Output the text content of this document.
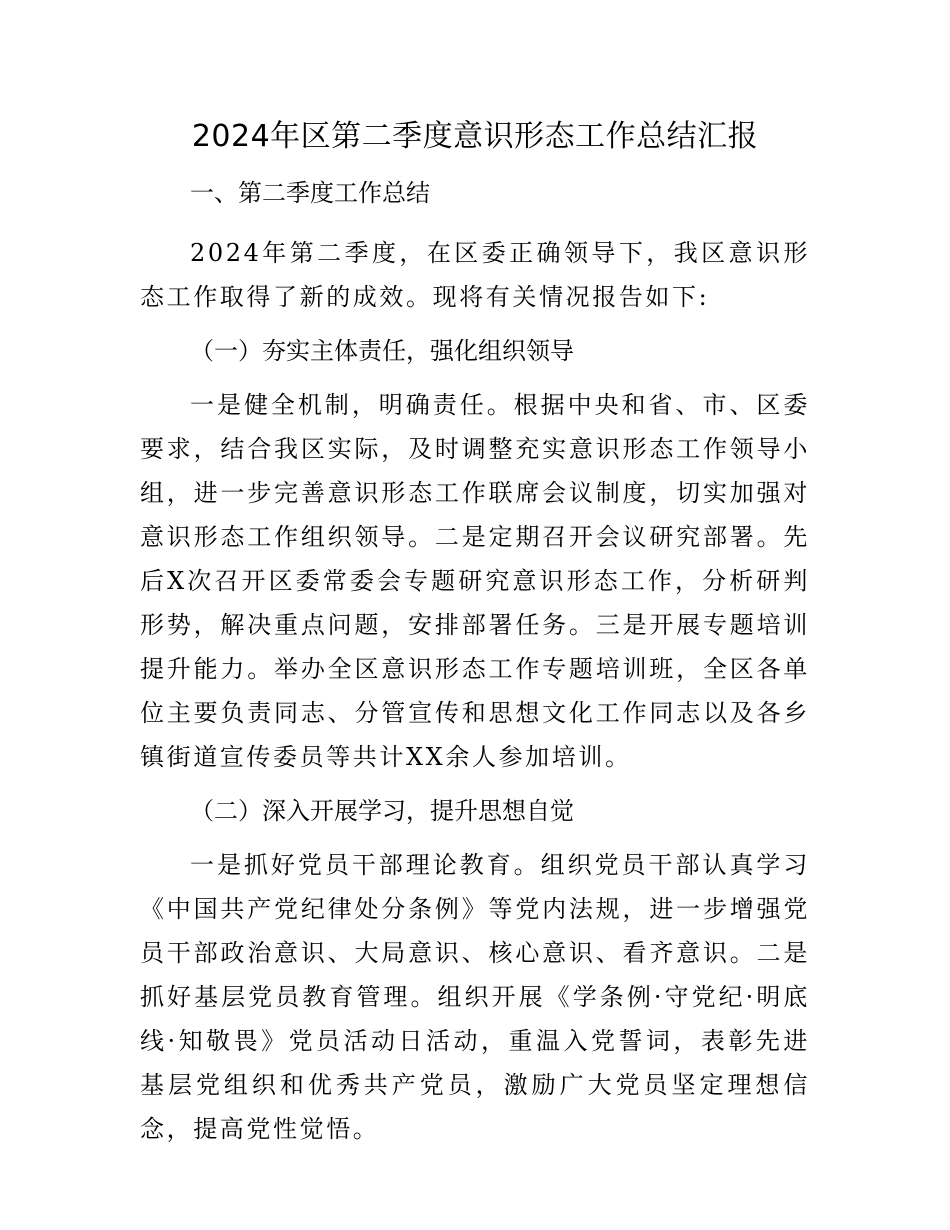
2024年区第二季度意识形态工作总结汇报

一、第二季度工作总结

2024年第二季度，在区委正确领导下，我区意识形态工作取得了新的成效。现将有关情况报告如下:

（一）夯实主体责任，强化组织领导

一是健全机制，明确责任。根据中央和省、市、区委要求，结合我区实际，及时调整充实意识形态工作领导小组，进一步完善意识形态工作联席会议制度，切实加强对意识形态工作组织领导。二是定期召开会议研究部署。先后X次召开区委常委会专题研究意识形态工作，分析研判形势，解决重点问题，安排部署任务。三是开展专题培训提升能力。举办全区意识形态工作专题培训班，全区各单位主要负责同志、分管宣传和思想文化工作同志以及各乡镇街道宣传委员等共计XX余人参加培训。

（二）深入开展学习，提升思想自觉

一是抓好党员干部理论教育。组织党员干部认真学习《中国共产党纪律处分条例》等党内法规，进一步增强党员干部政治意识、大局意识、核心意识、看齐意识。二是抓好基层党员教育管理。组织开展《学条例·守党纪·明底线·知敬畏》党员活动日活动，重温入党誓词，表彰先进基层党组织和优秀共产党员，激励广大党员坚定理想信念，提高党性觉悟。
